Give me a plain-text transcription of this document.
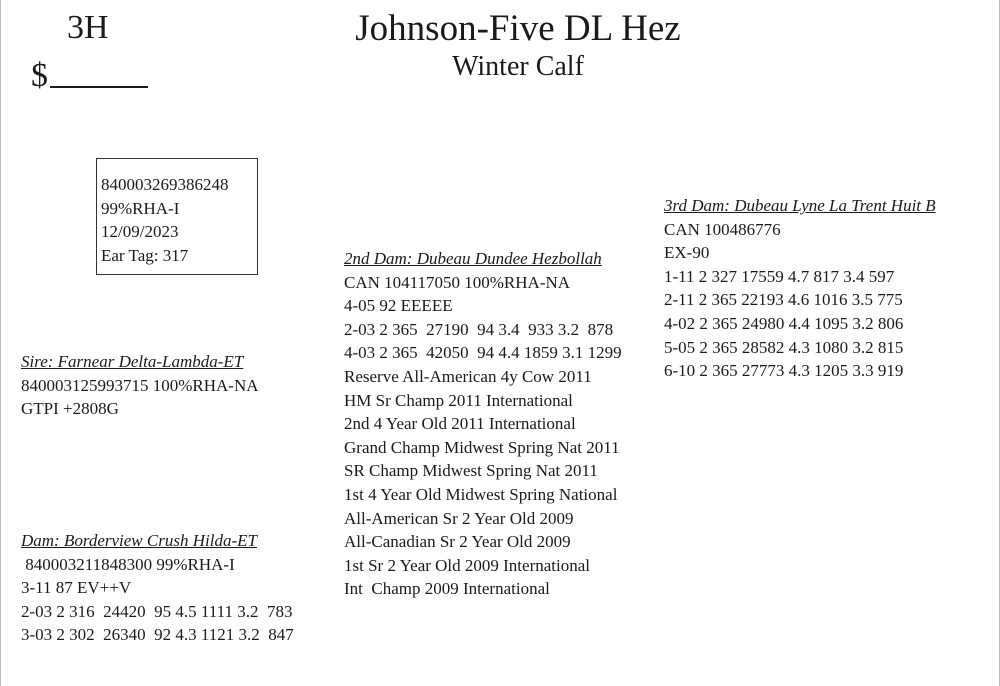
3H
$
Johnson-Five DL Hez
Winter Calf
840003269386248
99%RHA-I
12/09/2023
Ear Tag: 317
Sire: Farnear Delta-Lambda-ET
840003125993715 100%RHA-NA
GTPI +2808G
Dam: Borderview Crush Hilda-ET
840003211848300 99%RHA-I
3-11 87 EV++V
2-03 2 316  24420  95 4.5 1111 3.2  783
3-03 2 302  26340  92 4.3 1121 3.2  847
2nd Dam: Dubeau Dundee Hezbollah
CAN 104117050 100%RHA-NA
4-05 92 EEEEE
2-03 2 365  27190  94 3.4  933 3.2  878
4-03 2 365  42050  94 4.4 1859 3.1 1299
Reserve All-American 4y Cow 2011
HM Sr Champ 2011 International
2nd 4 Year Old 2011 International
Grand Champ Midwest Spring Nat 2011
SR Champ Midwest Spring Nat 2011
1st 4 Year Old Midwest Spring National
All-American Sr 2 Year Old 2009
All-Canadian Sr 2 Year Old 2009
1st Sr 2 Year Old 2009 International
Int  Champ 2009 International
3rd Dam: Dubeau Lyne La Trent Huit B
CAN 100486776
EX-90
1-11 2 327 17559 4.7 817 3.4 597
2-11 2 365 22193 4.6 1016 3.5 775
4-02 2 365 24980 4.4 1095 3.2 806
5-05 2 365 28582 4.3 1080 3.2 815
6-10 2 365 27773 4.3 1205 3.3 919
